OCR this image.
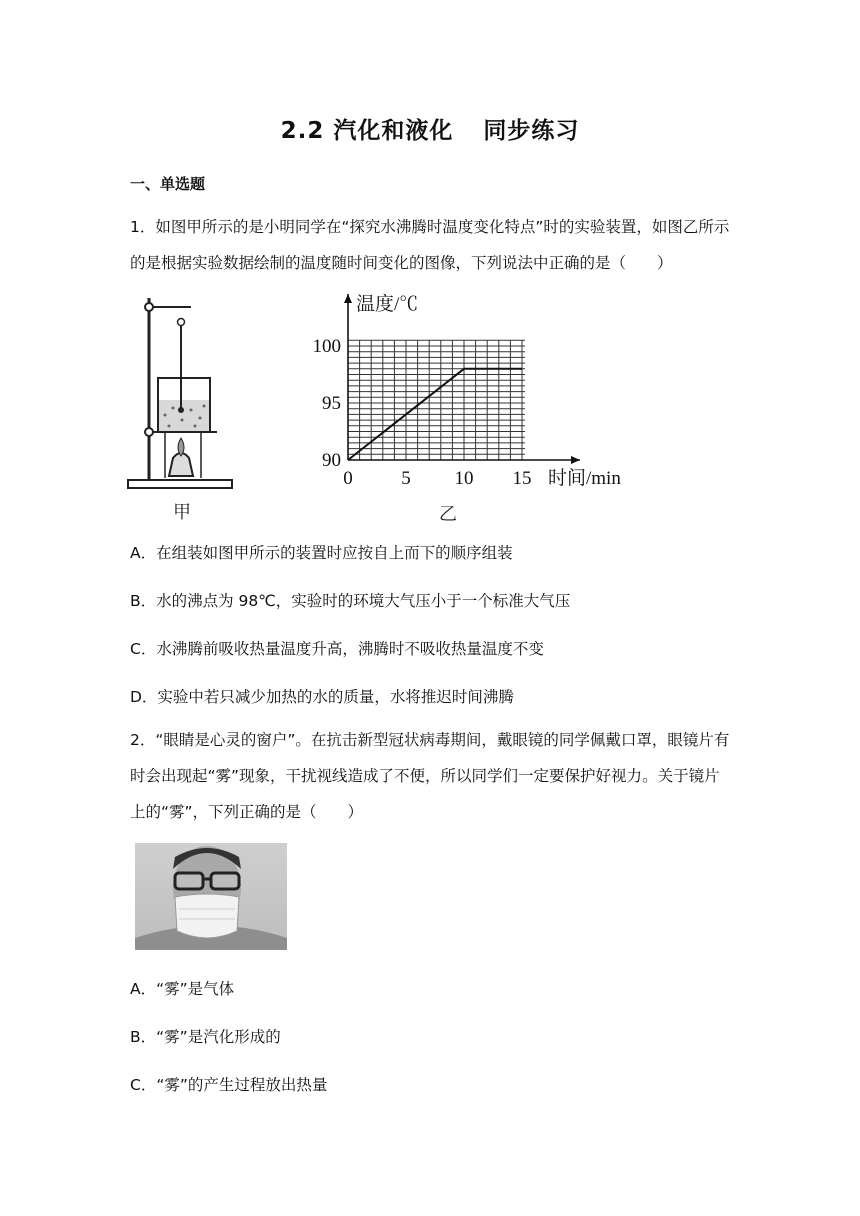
2.2 汽化和液化 同步练习
一、单选题
1．如图甲所示的是小明同学在“探究水沸腾时温度变化特点”时的实验装置，如图乙所示
的是根据实验数据绘制的温度随时间变化的图像，下列说法中正确的是（　　）
甲
0	5 10 15
90
95
100
温度/℃
时间/min
乙
A．在组装如图甲所示的装置时应按自上而下的顺序组装
B．水的沸点为 98℃，实验时的环境大气压小于一个标准大气压
C．水沸腾前吸收热量温度升高，沸腾时不吸收热量温度不变
D．实验中若只减少加热的水的质量，水将推迟时间沸腾
2．“眼睛是心灵的窗户”。在抗击新型冠状病毒期间，戴眼镜的同学佩戴口罩，眼镜片有
时会出现起“雾”现象，干扰视线造成了不便，所以同学们一定要保护好视力。关于镜片
上的“雾”，下列正确的是（　　）
A．“雾”是气体
B．“雾”是汽化形成的
C．“雾”的产生过程放出热量
